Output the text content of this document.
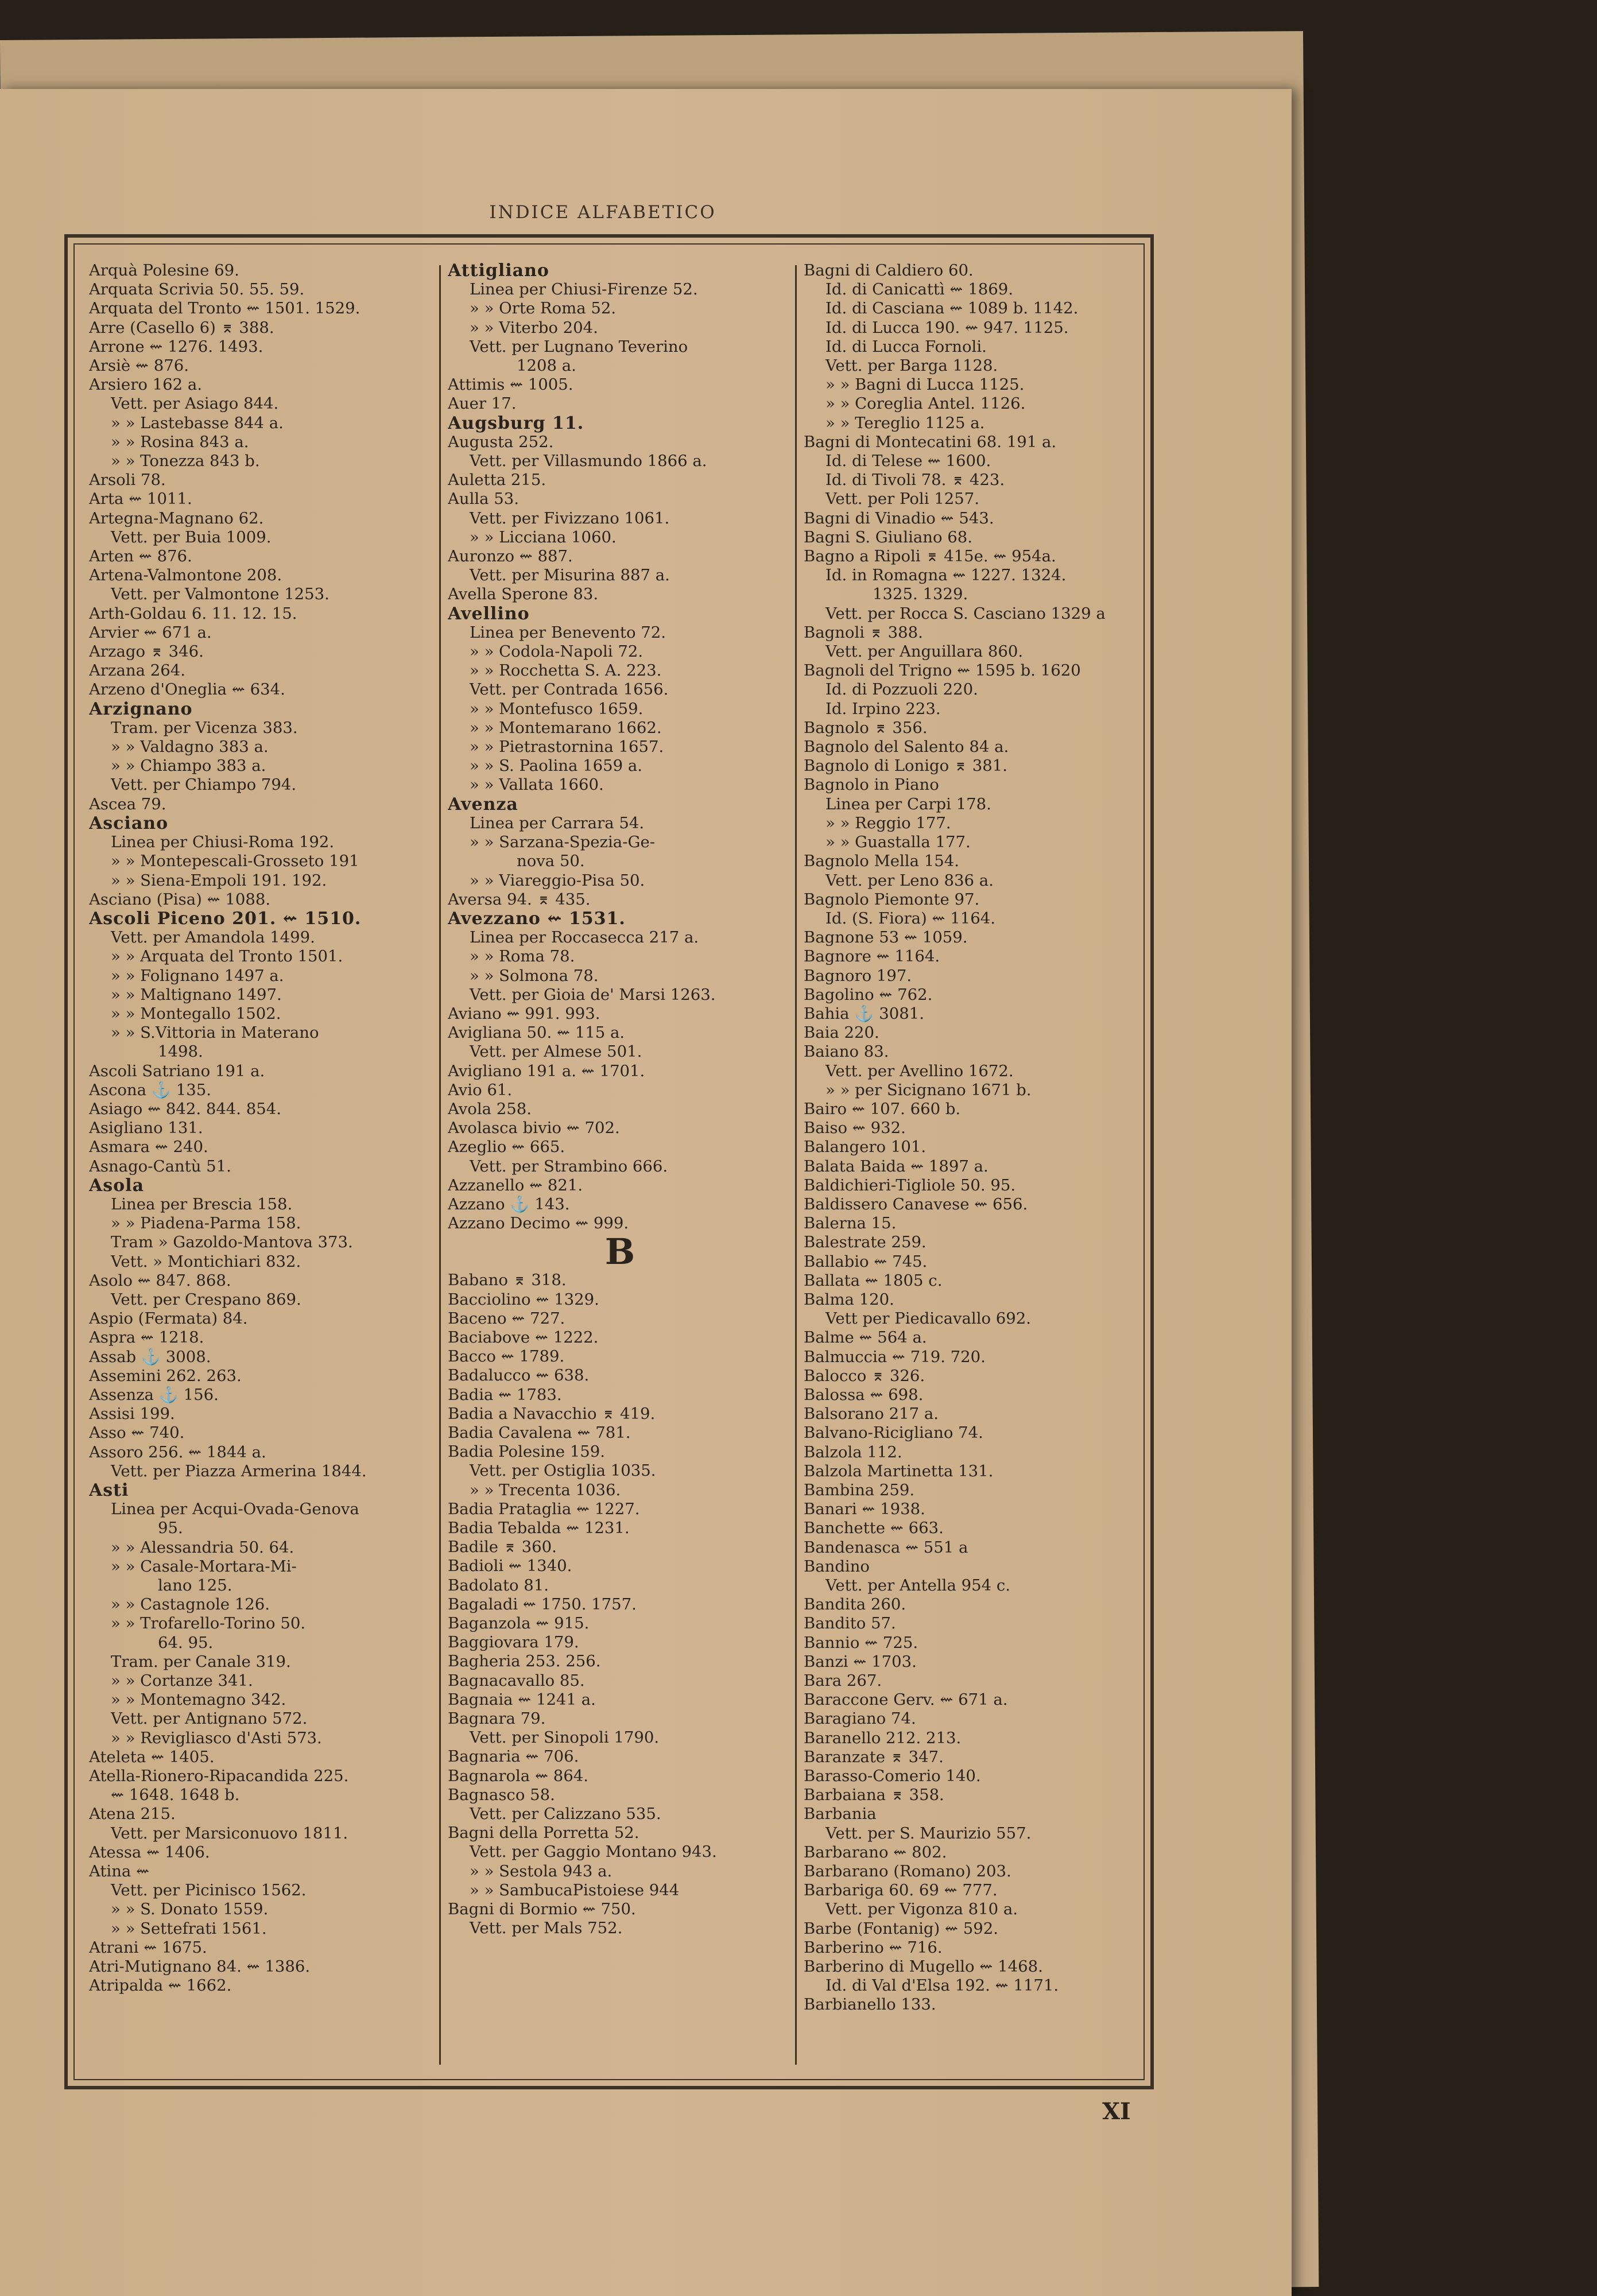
INDICE ALFABETICO
Arquà Polesine 69.
Arquata Scrivia 50. 55. 59.
Arquata del Tronto ⇜ 1501. 1529.
Arre (Casello 6) ⌆ 388.
Arrone ⇜ 1276. 1493.
Arsiè ⇜ 876.
Arsiero 162 a.
Vett. per Asiago 844.
» » Lastebasse 844 a.
» » Rosina 843 a.
» » Tonezza 843 b.
Arsoli 78.
Arta ⇜ 1011.
Artegna-Magnano 62.
Vett. per Buia 1009.
Arten ⇜ 876.
Artena-Valmontone 208.
Vett. per Valmontone 1253.
Arth-Goldau 6. 11. 12. 15.
Arvier ⇜ 671 a.
Arzago ⌆ 346.
Arzana 264.
Arzeno d'Oneglia ⇜ 634.
Arzignano
Tram. per Vicenza 383.
» » Valdagno 383 a.
» » Chiampo 383 a.
Vett. per Chiampo 794.
Ascea 79.
Asciano
Linea per Chiusi-Roma 192.
» » Montepescali-Grosseto 191
» » Siena-Empoli 191. 192.
Asciano (Pisa) ⇜ 1088.
Ascoli Piceno 201. ⇜ 1510.
Vett. per Amandola 1499.
» » Arquata del Tronto 1501.
» » Folignano 1497 a.
» » Maltignano 1497.
» » Montegallo 1502.
» » S.Vittoria in Materano
1498.
Ascoli Satriano 191 a.
Ascona ⚓ 135.
Asiago ⇜ 842. 844. 854.
Asigliano 131.
Asmara ⇜ 240.
Asnago-Cantù 51.
Asola
Linea per Brescia 158.
» » Piadena-Parma 158.
Tram » Gazoldo-Mantova 373.
Vett. » Montichiari 832.
Asolo ⇜ 847. 868.
Vett. per Crespano 869.
Aspio (Fermata) 84.
Aspra ⇜ 1218.
Assab ⚓ 3008.
Assemini 262. 263.
Assenza ⚓ 156.
Assisi 199.
Asso ⇜ 740.
Assoro 256. ⇜ 1844 a.
Vett. per Piazza Armerina 1844.
Asti
Linea per Acqui-Ovada-Genova
95.
» » Alessandria 50. 64.
» » Casale-Mortara-Mi-
lano 125.
» » Castagnole 126.
» » Trofarello-Torino 50.
64. 95.
Tram. per Canale 319.
» » Cortanze 341.
» » Montemagno 342.
Vett. per Antignano 572.
» » Revigliasco d'Asti 573.
Ateleta ⇜ 1405.
Atella-Rionero-Ripacandida 225.
⇜ 1648. 1648 b.
Atena 215.
Vett. per Marsiconuovo 1811.
Atessa ⇜ 1406.
Atina ⇜
Vett. per Picinisco 1562.
» » S. Donato 1559.
» » Settefrati 1561.
Atrani ⇜ 1675.
Atri-Mutignano 84. ⇜ 1386.
Atripalda ⇜ 1662.
Attigliano
Linea per Chiusi-Firenze 52.
» » Orte Roma 52.
» » Viterbo 204.
Vett. per Lugnano Teverino
1208 a.
Attimis ⇜ 1005.
Auer 17.
Augsburg 11.
Augusta 252.
Vett. per Villasmundo 1866 a.
Auletta 215.
Aulla 53.
Vett. per Fivizzano 1061.
» » Licciana 1060.
Auronzo ⇜ 887.
Vett. per Misurina 887 a.
Avella Sperone 83.
Avellino
Linea per Benevento 72.
» » Codola-Napoli 72.
» » Rocchetta S. A. 223.
Vett. per Contrada 1656.
» » Montefusco 1659.
» » Montemarano 1662.
» » Pietrastornina 1657.
» » S. Paolina 1659 a.
» » Vallata 1660.
Avenza
Linea per Carrara 54.
» » Sarzana-Spezia-Ge-
nova 50.
» » Viareggio-Pisa 50.
Aversa 94. ⌆ 435.
Avezzano ⇜ 1531.
Linea per Roccasecca 217 a.
» » Roma 78.
» » Solmona 78.
Vett. per Gioia de' Marsi 1263.
Aviano ⇜ 991. 993.
Avigliana 50. ⇜ 115 a.
Vett. per Almese 501.
Avigliano 191 a. ⇜ 1701.
Avio 61.
Avola 258.
Avolasca bivio ⇜ 702.
Azeglio ⇜ 665.
Vett. per Strambino 666.
Azzanello ⇜ 821.
Azzano ⚓ 143.
Azzano Decimo ⇜ 999.
B
Babano ⌆ 318.
Bacciolino ⇜ 1329.
Baceno ⇜ 727.
Baciabove ⇜ 1222.
Bacco ⇜ 1789.
Badalucco ⇜ 638.
Badia ⇜ 1783.
Badia a Navacchio ⌆ 419.
Badia Cavalena ⇜ 781.
Badia Polesine 159.
Vett. per Ostiglia 1035.
» » Trecenta 1036.
Badia Prataglia ⇜ 1227.
Badia Tebalda ⇜ 1231.
Badile ⌆ 360.
Badioli ⇜ 1340.
Badolato 81.
Bagaladi ⇜ 1750. 1757.
Baganzola ⇜ 915.
Baggiovara 179.
Bagheria 253. 256.
Bagnacavallo 85.
Bagnaia ⇜ 1241 a.
Bagnara 79.
Vett. per Sinopoli 1790.
Bagnaria ⇜ 706.
Bagnarola ⇜ 864.
Bagnasco 58.
Vett. per Calizzano 535.
Bagni della Porretta 52.
Vett. per Gaggio Montano 943.
» » Sestola 943 a.
» » SambucaPistoiese 944
Bagni di Bormio ⇜ 750.
Vett. per Mals 752.
Bagni di Caldiero 60.
Id. di Canicattì ⇜ 1869.
Id. di Casciana ⇜ 1089 b. 1142.
Id. di Lucca 190. ⇜ 947. 1125.
Id. di Lucca Fornoli.
Vett. per Barga 1128.
» » Bagni di Lucca 1125.
» » Coreglia Antel. 1126.
» » Tereglio 1125 a.
Bagni di Montecatini 68. 191 a.
Id. di Telese ⇜ 1600.
Id. di Tivoli 78. ⌆ 423.
Vett. per Poli 1257.
Bagni di Vinadio ⇜ 543.
Bagni S. Giuliano 68.
Bagno a Ripoli ⌆ 415e. ⇜ 954a.
Id. in Romagna ⇜ 1227. 1324.
1325. 1329.
Vett. per Rocca S. Casciano 1329 a
Bagnoli ⌆ 388.
Vett. per Anguillara 860.
Bagnoli del Trigno ⇜ 1595 b. 1620
Id. di Pozzuoli 220.
Id. Irpino 223.
Bagnolo ⌆ 356.
Bagnolo del Salento 84 a.
Bagnolo di Lonigo ⌆ 381.
Bagnolo in Piano
Linea per Carpi 178.
» » Reggio 177.
» » Guastalla 177.
Bagnolo Mella 154.
Vett. per Leno 836 a.
Bagnolo Piemonte 97.
Id. (S. Fiora) ⇜ 1164.
Bagnone 53 ⇜ 1059.
Bagnore ⇜ 1164.
Bagnoro 197.
Bagolino ⇜ 762.
Bahia ⚓ 3081.
Baia 220.
Baiano 83.
Vett. per Avellino 1672.
» » per Sicignano 1671 b.
Bairo ⇜ 107. 660 b.
Baiso ⇜ 932.
Balangero 101.
Balata Baida ⇜ 1897 a.
Baldichieri-Tigliole 50. 95.
Baldissero Canavese ⇜ 656.
Balerna 15.
Balestrate 259.
Ballabio ⇜ 745.
Ballata ⇜ 1805 c.
Balma 120.
Vett per Piedicavallo 692.
Balme ⇜ 564 a.
Balmuccia ⇜ 719. 720.
Balocco ⌆ 326.
Balossa ⇜ 698.
Balsorano 217 a.
Balvano-Ricigliano 74.
Balzola 112.
Balzola Martinetta 131.
Bambina 259.
Banari ⇜ 1938.
Banchette ⇜ 663.
Bandenasca ⇜ 551 a
Bandino
Vett. per Antella 954 c.
Bandita 260.
Bandito 57.
Bannio ⇜ 725.
Banzi ⇜ 1703.
Bara 267.
Baraccone Gerv. ⇜ 671 a.
Baragiano 74.
Baranello 212. 213.
Baranzate ⌆ 347.
Barasso-Comerio 140.
Barbaiana ⌆ 358.
Barbania
Vett. per S. Maurizio 557.
Barbarano ⇜ 802.
Barbarano (Romano) 203.
Barbariga 60. 69 ⇜ 777.
Vett. per Vigonza 810 a.
Barbe (Fontanig) ⇜ 592.
Barberino ⇜ 716.
Barberino di Mugello ⇜ 1468.
Id. di Val d'Elsa 192. ⇜ 1171.
Barbianello 133.
XI
